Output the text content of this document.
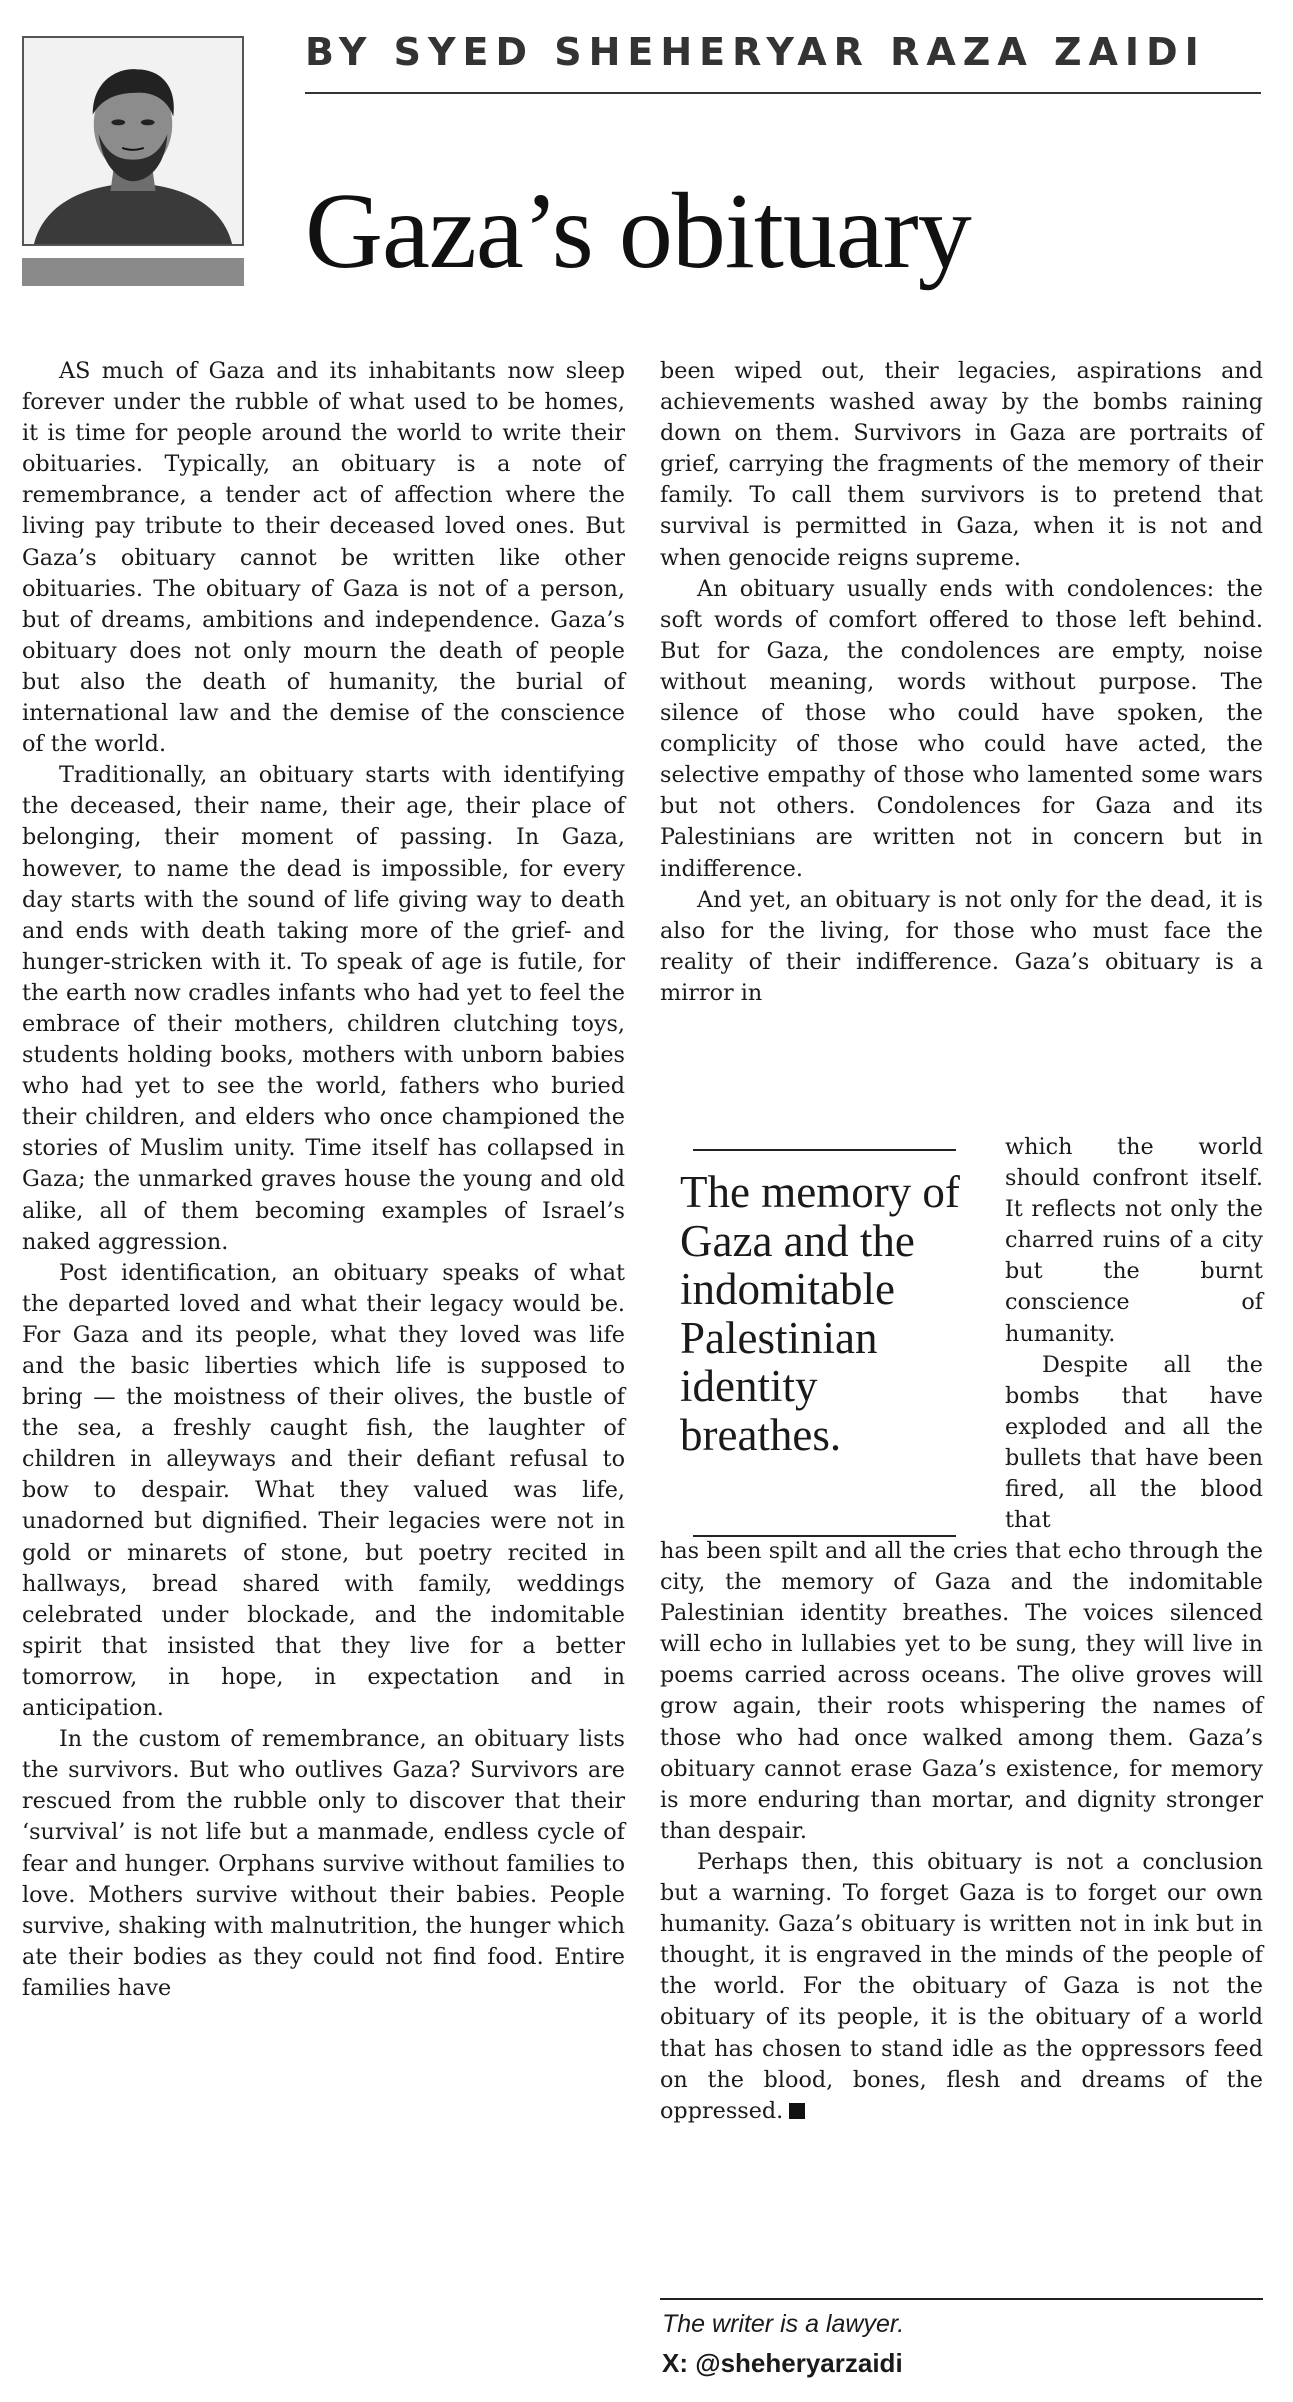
BY SYED SHEHERYAR RAZA ZAIDI
Gaza’s obituary

AS much of Gaza and its inhabitants now sleep forever under the rubble of what used to be homes, it is time for people around the world to write their obituaries. Typically, an obituary is a note of remembrance, a tender act of affection where the living pay tribute to their deceased loved ones. But Gaza’s obituary cannot be written like other obituaries. The obituary of Gaza is not of a person, but of dreams, ambitions and independence. Gaza’s obituary does not only mourn the death of people but also the death of humanity, the burial of international law and the demise of the conscience of the world.

Traditionally, an obituary starts with identifying the deceased, their name, their age, their place of belonging, their moment of passing. In Gaza, however, to name the dead is impossible, for every day starts with the sound of life giving way to death and ends with death taking more of the grief- and hunger-stricken with it. To speak of age is futile, for the earth now cradles infants who had yet to feel the embrace of their mothers, children clutching toys, students holding books, mothers with unborn babies who had yet to see the world, fathers who buried their children, and elders who once championed the stories of Muslim unity. Time itself has collapsed in Gaza; the unmarked graves house the young and old alike, all of them becoming examples of Israel’s naked aggression.

Post identification, an obituary speaks of what the departed loved and what their legacy would be. For Gaza and its people, what they loved was life and the basic liberties which life is supposed to bring — the moistness of their olives, the bustle of the sea, a freshly caught fish, the laughter of children in alleyways and their defiant refusal to bow to despair. What they valued was life, unadorned but dignified. Their legacies were not in gold or minarets of stone, but poetry recited in hallways, bread shared with family, weddings celebrated under blockade, and the indomitable spirit that insisted that they live for a better tomorrow, in hope, in expectation and in anticipation.

In the custom of remembrance, an obituary lists the survivors. But who outlives Gaza? Survivors are rescued from the rubble only to discover that their ‘survival’ is not life but a manmade, endless cycle of fear and hunger. Orphans survive without families to love. Mothers survive without their babies. People survive, shaking with malnutrition, the hunger which ate their bodies as they could not find food. Entire families have

been wiped out, their legacies, aspirations and achievements washed away by the bombs raining down on them. Survivors in Gaza are portraits of grief, carrying the fragments of the memory of their family. To call them survivors is to pretend that survival is permitted in Gaza, when it is not and when genocide reigns supreme.

An obituary usually ends with condolences: the soft words of comfort offered to those left behind. But for Gaza, the condolences are empty, noise without meaning, words without purpose. The silence of those who could have spoken, the complicity of those who could have acted, the selective empathy of those who lamented some wars but not others. Condolences for Gaza and its Palestinians are written not in concern but in indifference.

And yet, an obituary is not only for the dead, it is also for the living, for those who must face the reality of their indifference. Gaza’s obituary is a mirror in

The memory of Gaza and the indomitable Palestinian identity breathes.

which the world should confront itself. It reflects not only the charred ruins of a city but the burnt conscience of humanity.

Despite all the bombs that have exploded and all the bullets that have been fired, all the blood that

has been spilt and all the cries that echo through the city, the memory of Gaza and the indomitable Palestinian identity breathes. The voices silenced will echo in lullabies yet to be sung, they will live in poems carried across oceans. The olive groves will grow again, their roots whispering the names of those who had once walked among them. Gaza’s obituary cannot erase Gaza’s existence, for memory is more enduring than mortar, and dignity stronger than despair.

Perhaps then, this obituary is not a conclusion but a warning. To forget Gaza is to forget our own humanity. Gaza’s obituary is written not in ink but in thought, it is engraved in the minds of the people of the world. For the obituary of Gaza is not the obituary of its people, it is the obituary of a world that has chosen to stand idle as the oppressors feed on the blood, bones, flesh and dreams of the oppressed.

The writer is a lawyer.
X: @sheheryarzaidi
